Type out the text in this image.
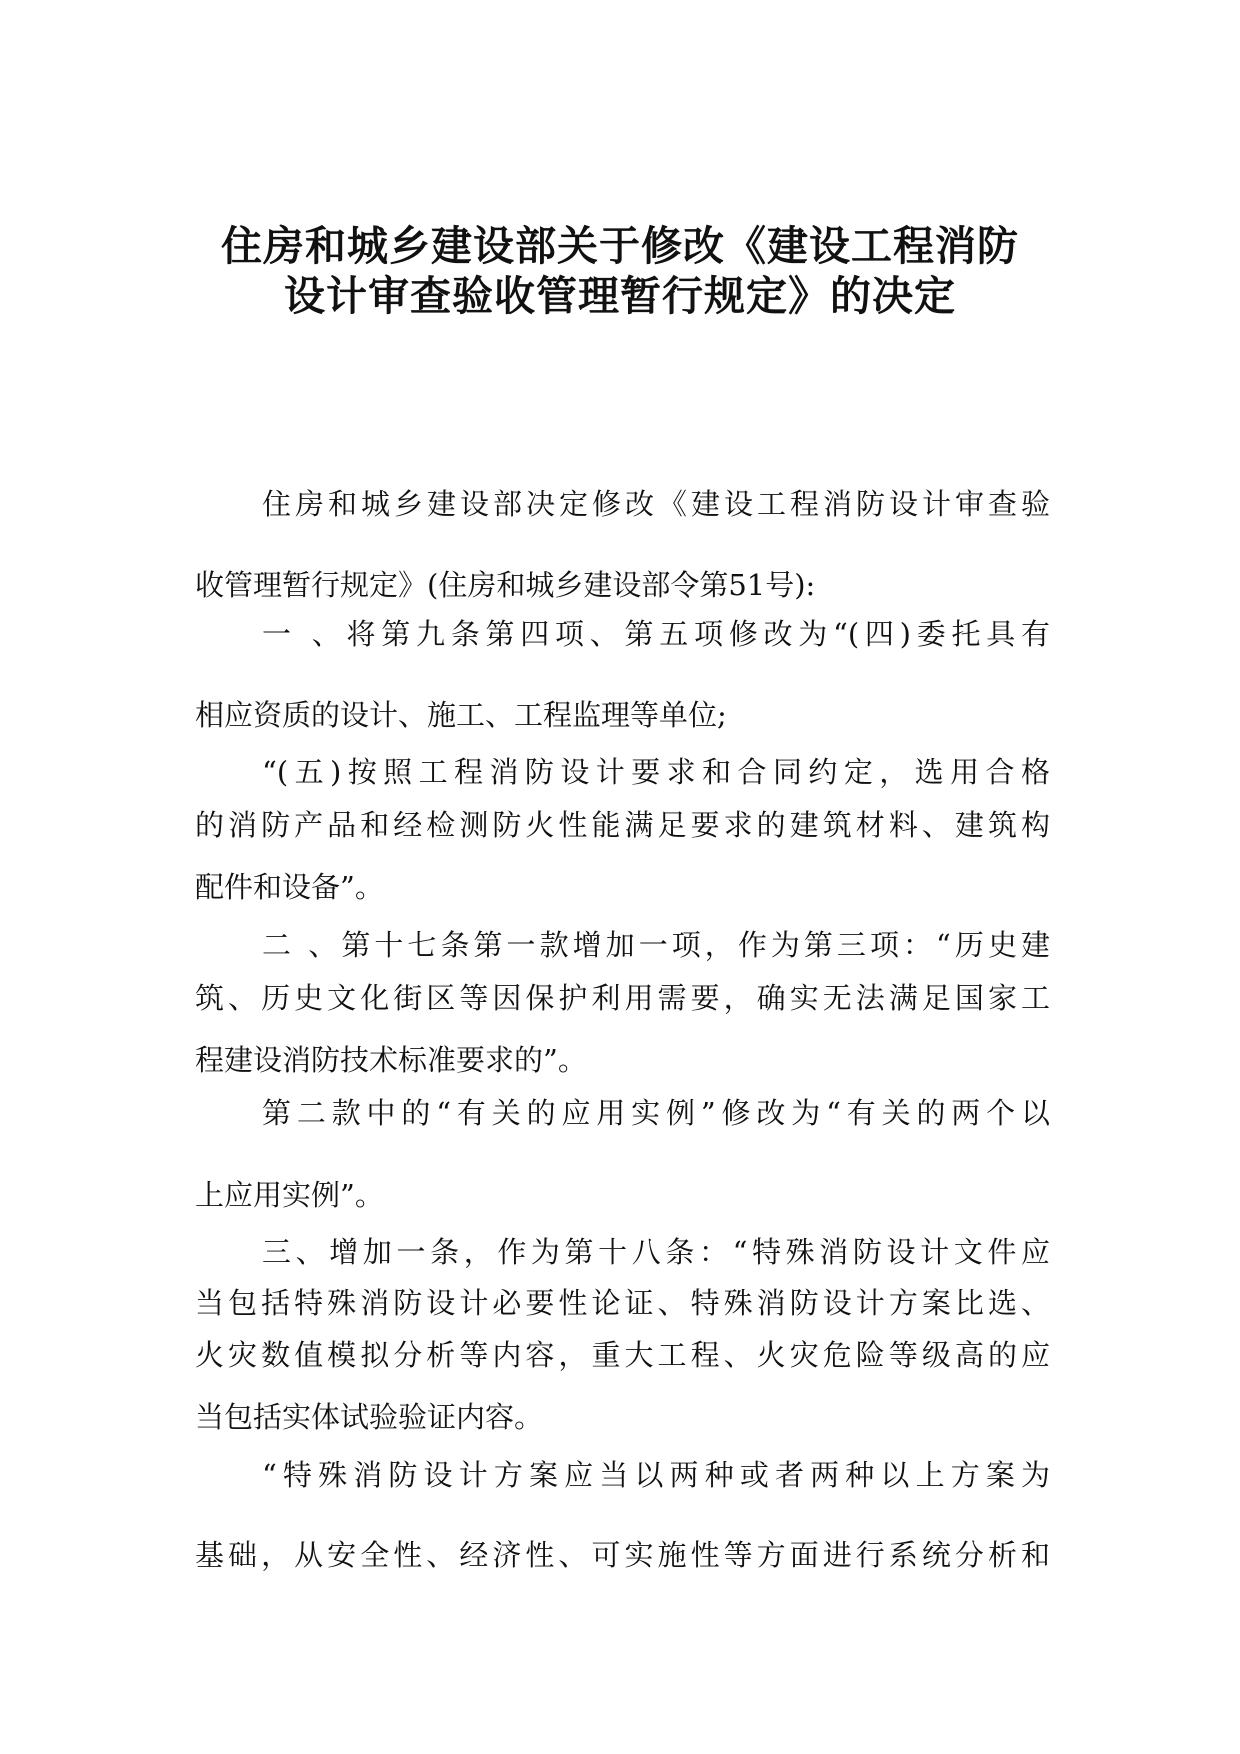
住房和城乡建设部关于修改《建设工程消防
设计审查验收管理暂行规定》的决定
住房和城乡建设部决定修改《建设工程消防设计审查验
收管理暂行规定》(住房和城乡建设部令第51号):
一 、将第九条第四项、第五项修改为“(四)委托具有
相应资质的设计、施工、工程监理等单位;
“(五)按照工程消防设计要求和合同约定，选用合格
的消防产品和经检测防火性能满足要求的建筑材料、建筑构
配件和设备”。
二 、第十七条第一款增加一项，作为第三项：“历史建
筑、历史文化街区等因保护利用需要，确实无法满足国家工
程建设消防技术标准要求的”。
第二款中的“有关的应用实例”修改为“有关的两个以
上应用实例”。
三、增加一条，作为第十八条：“特殊消防设计文件应
当包括特殊消防设计必要性论证、特殊消防设计方案比选、
火灾数值模拟分析等内容，重大工程、火灾危险等级高的应
当包括实体试验验证内容。
“特殊消防设计方案应当以两种或者两种以上方案为
基础，从安全性、经济性、可实施性等方面进行系统分析和
